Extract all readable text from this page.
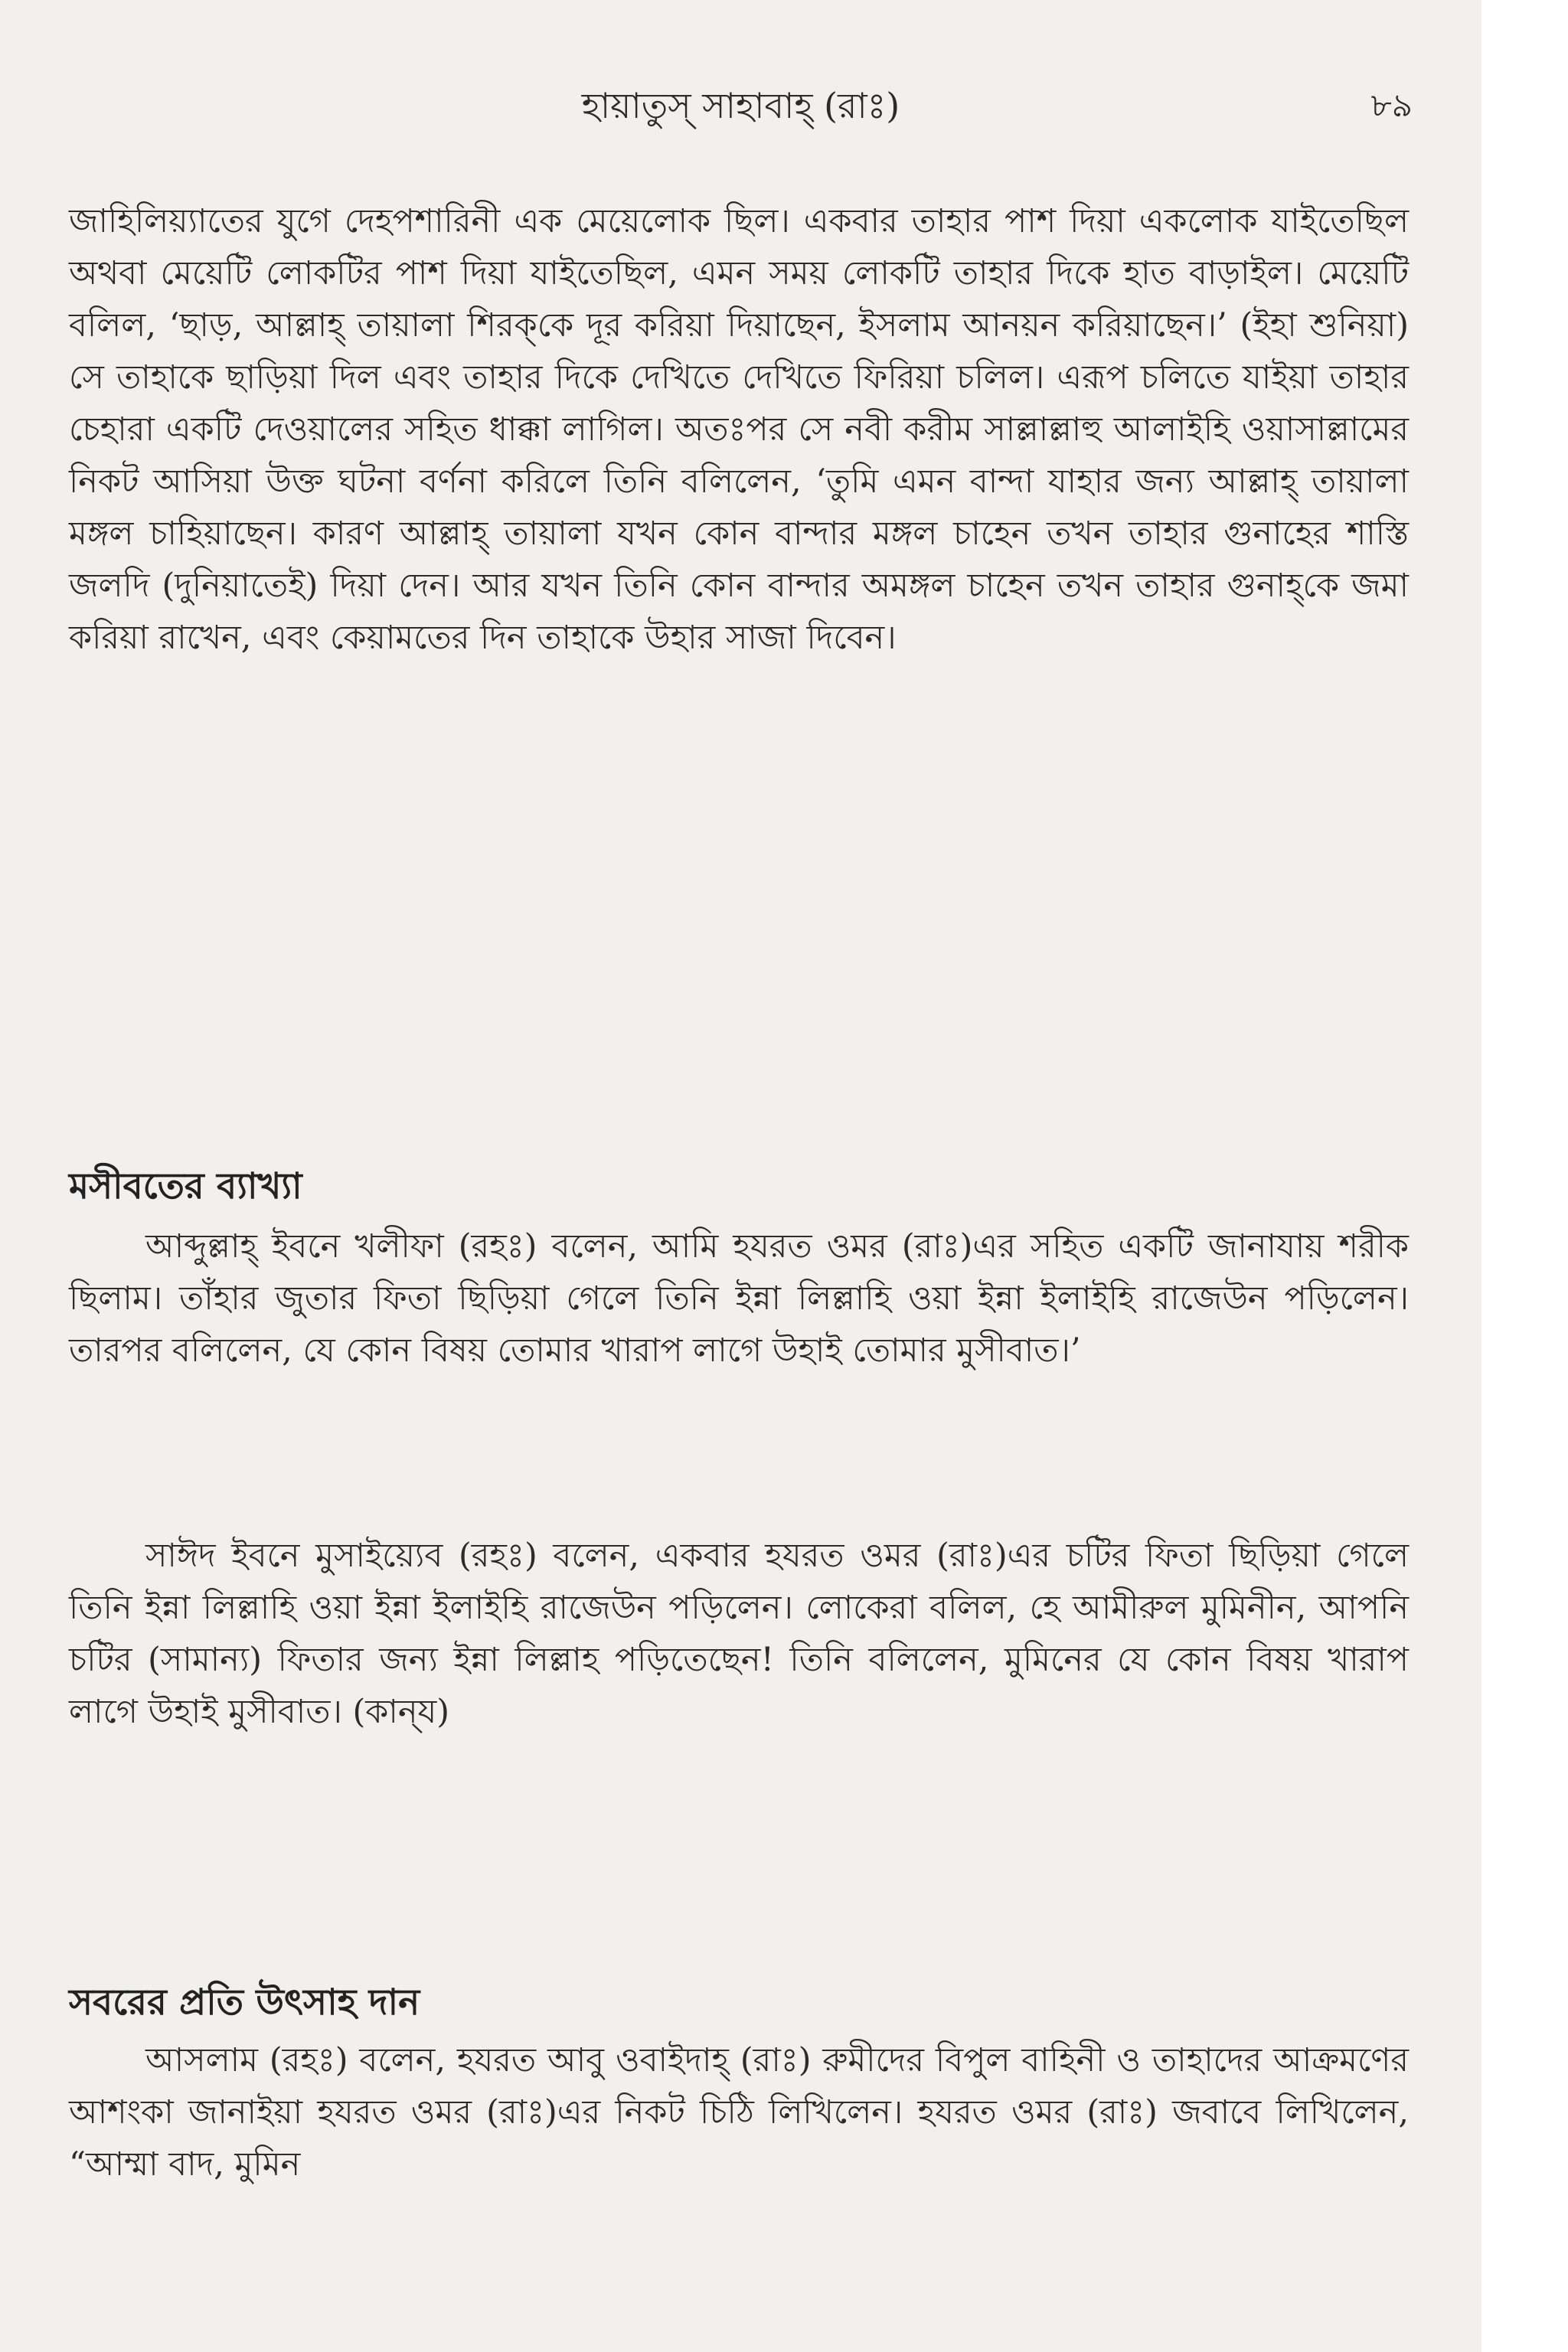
হায়াতুস্ সাহাবাহ্ (রাঃ)	৮৯

জাহিলিয়্যাতের যুগে দেহপশারিনী এক মেয়েলোক ছিল। একবার তাহার পাশ দিয়া একলোক যাইতেছিল অথবা মেয়েটি লোকটির পাশ দিয়া যাইতেছিল, এমন সময় লোকটি তাহার দিকে হাত বাড়াইল। মেয়েটি বলিল, ‘ছাড়, আল্লাহ্ তায়ালা শিরক্‌কে দূর করিয়া দিয়াছেন, ইসলাম আনয়ন করিয়াছেন।’ (ইহা শুনিয়া) সে তাহাকে ছাড়িয়া দিল এবং তাহার দিকে দেখিতে দেখিতে ফিরিয়া চলিল। এরূপ চলিতে যাইয়া তাহার চেহারা একটি দেওয়ালের সহিত ধাক্কা লাগিল। অতঃপর সে নবী করীম সাল্লাল্লাহু আলাইহি ওয়াসাল্লামের নিকট আসিয়া উক্ত ঘটনা বর্ণনা করিলে তিনি বলিলেন, ‘তুমি এমন বান্দা যাহার জন্য আল্লাহ্ তায়ালা মঙ্গল চাহিয়াছেন। কারণ আল্লাহ্ তায়ালা যখন কোন বান্দার মঙ্গল চাহেন তখন তাহার গুনাহের শাস্তি জলদি (দুনিয়াতেই) দিয়া দেন। আর যখন তিনি কোন বান্দার অমঙ্গল চাহেন তখন তাহার গুনাহ্‌কে জমা করিয়া রাখেন, এবং কেয়ামতের দিন তাহাকে উহার সাজা দিবেন।

মসীবতের ব্যাখ্যা

আব্দুল্লাহ্ ইবনে খলীফা (রহঃ) বলেন, আমি হযরত ওমর (রাঃ)এর সহিত একটি জানাযায় শরীক ছিলাম। তাঁহার জুতার ফিতা ছিড়িয়া গেলে তিনি ইন্না লিল্লাহি ওয়া ইন্না ইলাইহি রাজেউন পড়িলেন। তারপর বলিলেন, যে কোন বিষয় তোমার খারাপ লাগে উহাই তোমার মুসীবাত।’

সাঈদ ইবনে মুসাইয়্যেব (রহঃ) বলেন, একবার হযরত ওমর (রাঃ)এর চটির ফিতা ছিড়িয়া গেলে তিনি ইন্না লিল্লাহি ওয়া ইন্না ইলাইহি রাজেউন পড়িলেন। লোকেরা বলিল, হে আমীরুল মুমিনীন, আপনি চটির (সামান্য) ফিতার জন্য ইন্না লিল্লাহ পড়িতেছেন! তিনি বলিলেন, মুমিনের যে কোন বিষয় খারাপ লাগে উহাই মুসীবাত। (কান্‌য)

সবরের প্রতি উৎসাহ দান

আসলাম (রহঃ) বলেন, হযরত আবু ওবাইদাহ্ (রাঃ) রুমীদের বিপুল বাহিনী ও তাহাদের আক্রমণের আশংকা জানাইয়া হযরত ওমর (রাঃ)এর নিকট চিঠি লিখিলেন। হযরত ওমর (রাঃ) জবাবে লিখিলেন, “আম্মা বাদ, মুমিন
